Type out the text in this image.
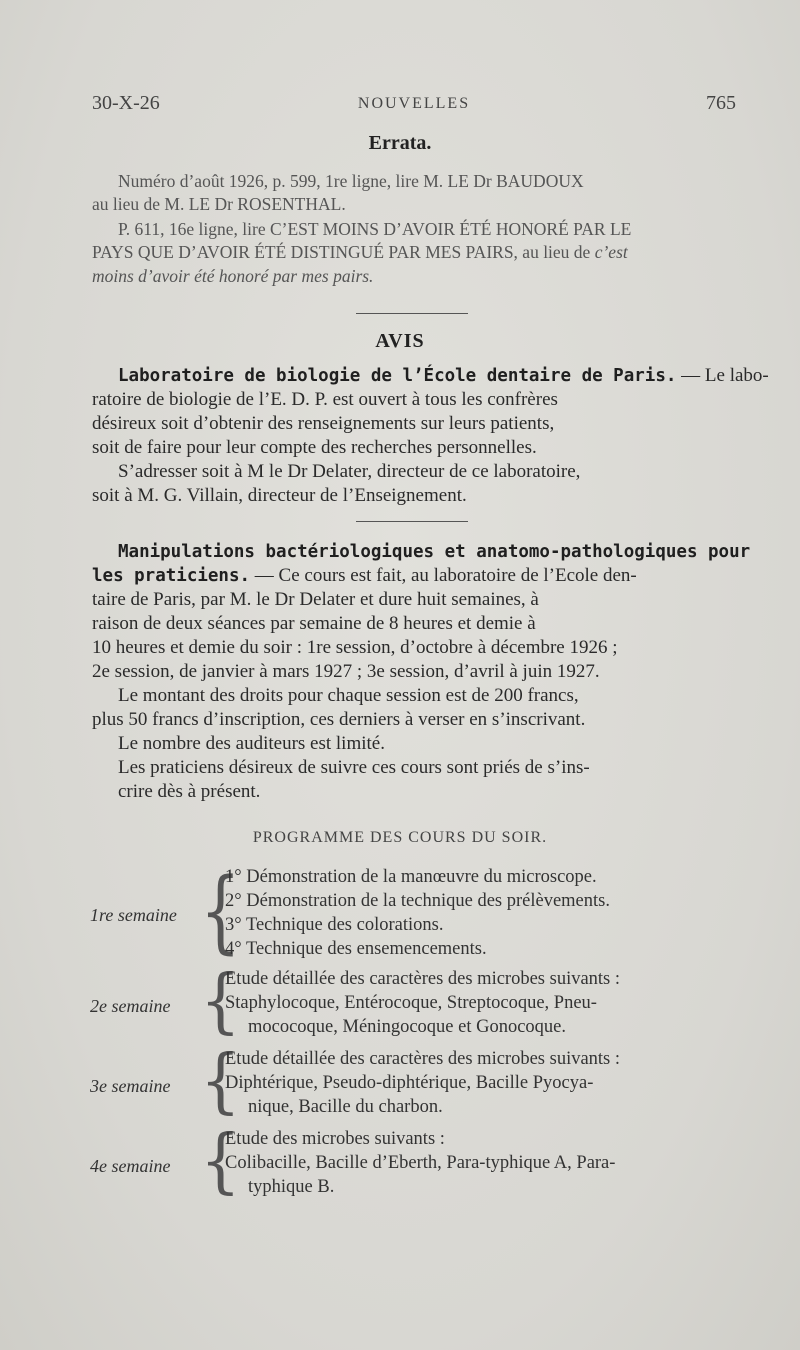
30-X-26	NOUVELLES	765
Errata.
Numéro d’août 1926, p. 599, 1re ligne, lire M. LE Dr BAUDOUX
au lieu de M. LE Dr ROSENTHAL.
P. 611, 16e ligne, lire C’EST MOINS D’AVOIR ÉTÉ HONORÉ PAR LE
PAYS QUE D’AVOIR ÉTÉ DISTINGUÉ PAR MES PAIRS, au lieu de c’est
moins d’avoir été honoré par mes pairs.
AVIS
Laboratoire de biologie de l’École dentaire de Paris. — Le labo-
ratoire de biologie de l’E. D. P. est ouvert à tous les confrères
désireux soit d’obtenir des renseignements sur leurs patients,
soit de faire pour leur compte des recherches personnelles.
S’adresser soit à M le Dr Delater, directeur de ce laboratoire,
soit à M. G. Villain, directeur de l’Enseignement.
Manipulations bactériologiques et anatomo-pathologiques pour
les praticiens. — Ce cours est fait, au laboratoire de l’Ecole den-
taire de Paris, par M. le Dr Delater et dure huit semaines, à
raison de deux séances par semaine de 8 heures et demie à
10 heures et demie du soir : 1re session, d’octobre à décembre 1926 ;
2e session, de janvier à mars 1927 ; 3e session, d’avril à juin 1927.
Le montant des droits pour chaque session est de 200 francs,
plus 50 francs d’inscription, ces derniers à verser en s’inscrivant.
Le nombre des auditeurs est limité.
Les praticiens désireux de suivre ces cours sont priés de s’ins-
crire dès à présent.
PROGRAMME DES COURS DU SOIR.
1re semaine {
1° Démonstration de la manœuvre du microscope.
2° Démonstration de la technique des prélèvements.
3° Technique des colorations.
4° Technique des ensemencements.
2e semaine {
Etude détaillée des caractères des microbes suivants :
Staphylocoque, Entérocoque, Streptocoque, Pneu-
mococoque, Méningocoque et Gonocoque.
3e semaine {
Etude détaillée des caractères des microbes suivants :
Diphtérique, Pseudo-diphtérique, Bacille Pyocya-
nique, Bacille du charbon.
4e semaine {
Etude des microbes suivants :
Colibacille, Bacille d’Eberth, Para-typhique A, Para-
typhique B.
